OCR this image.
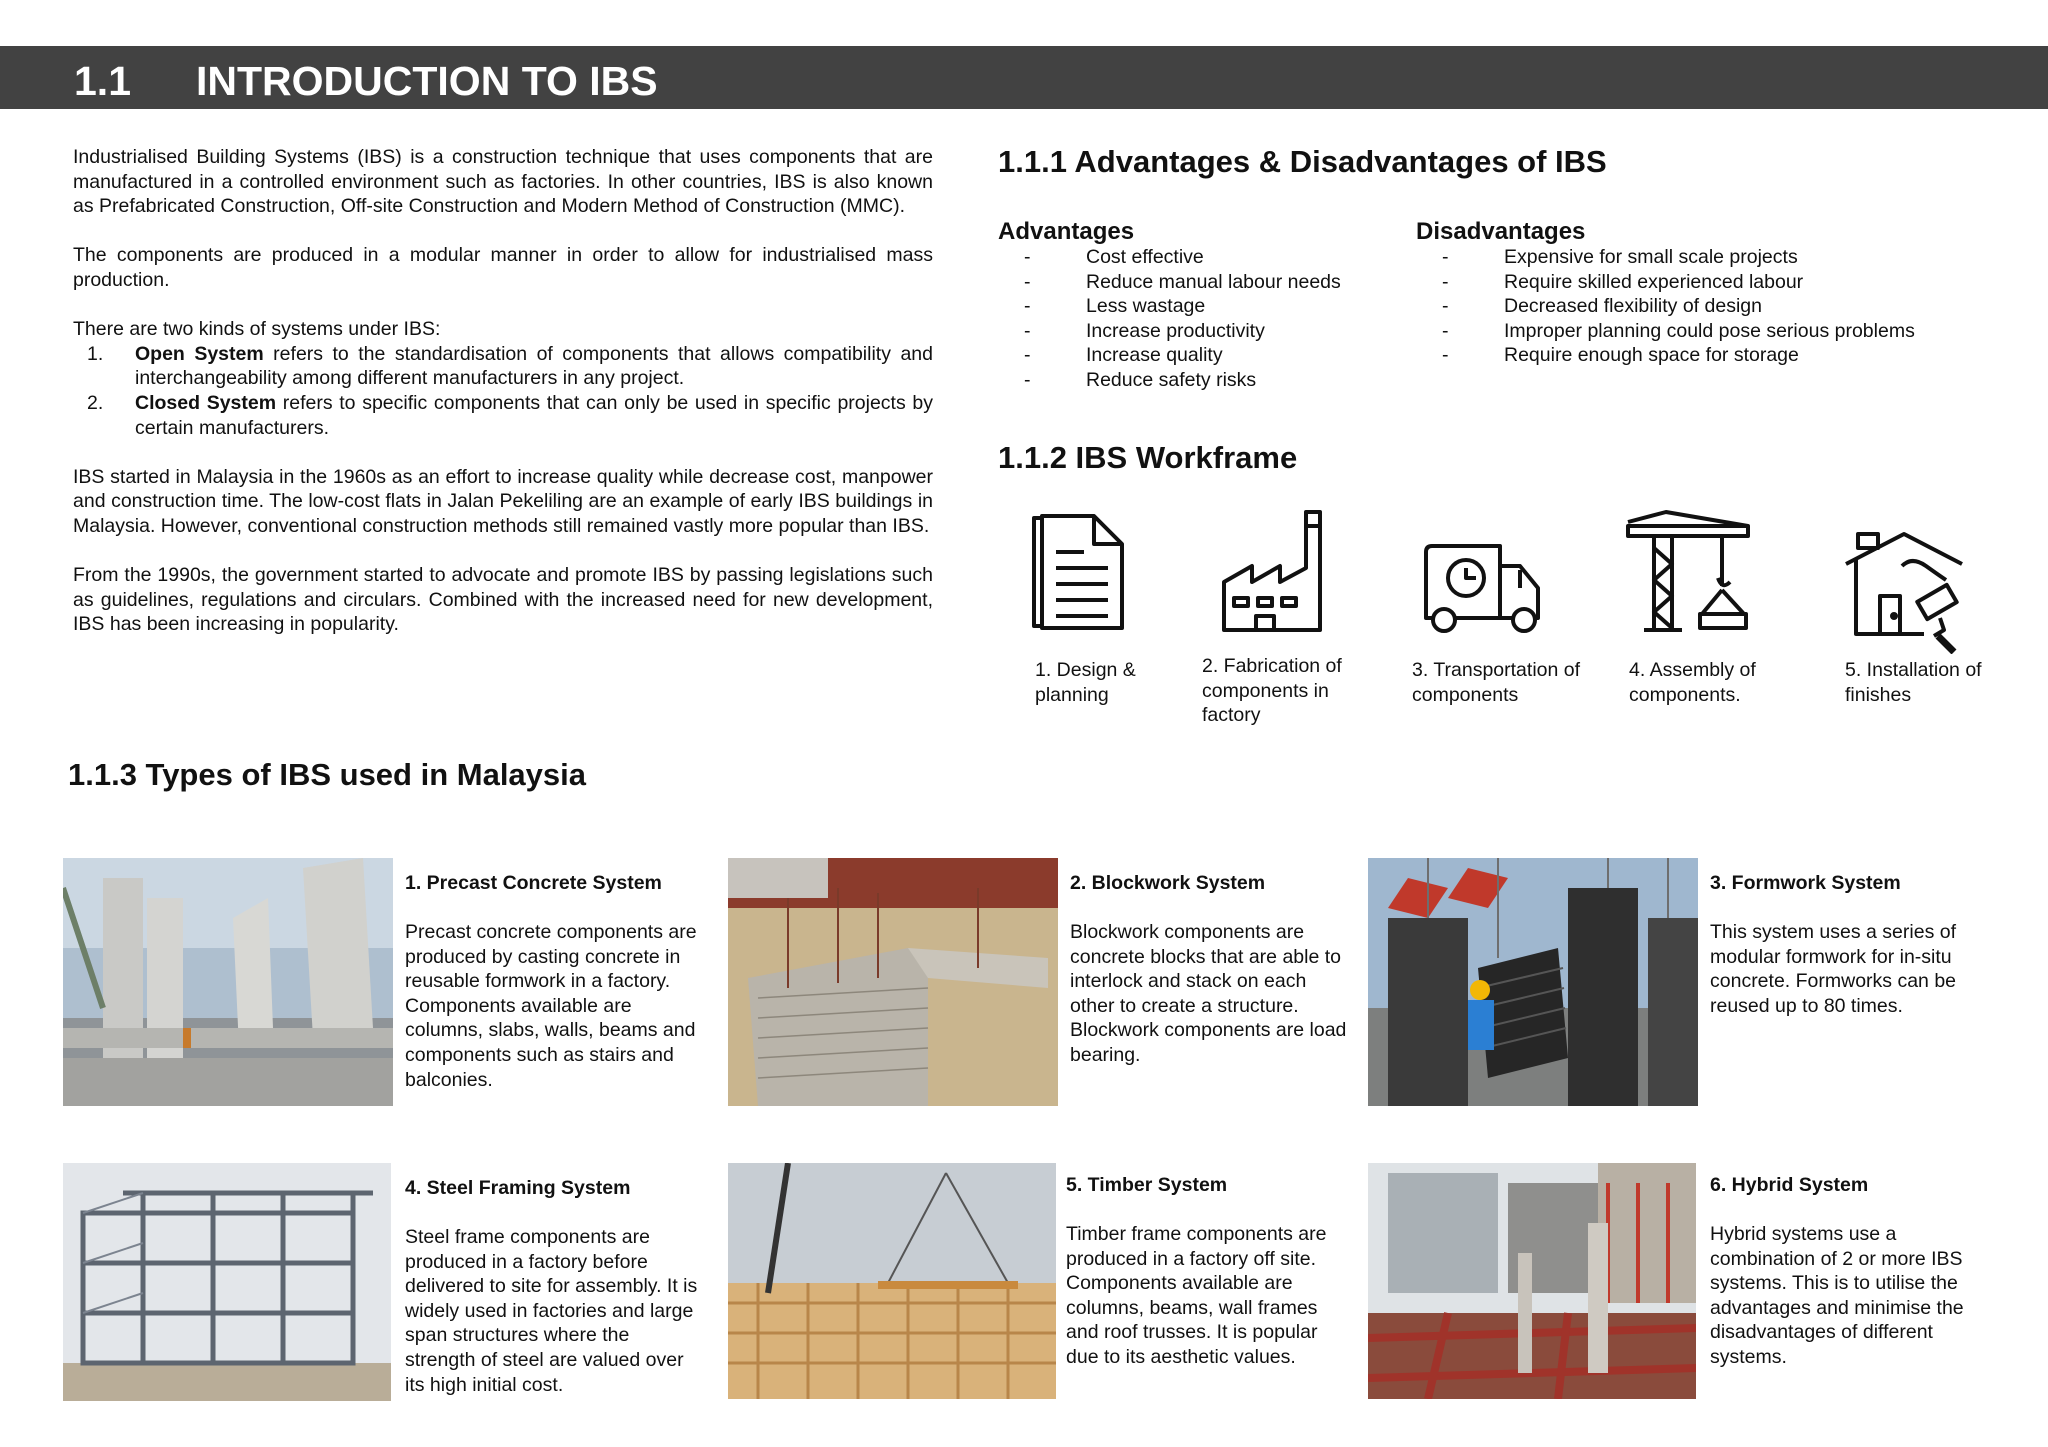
1.1 INTRODUCTION TO IBS

Industrialised Building Systems (IBS) is a construction technique that uses components that are manufactured in a controlled environment such as factories. In other countries, IBS is also known as Prefabricated Construction, Off-site Construction and Modern Method of Construction (MMC).

The components are produced in a modular manner in order to allow for industrialised mass production.

There are two kinds of systems under IBS:

1. Open System refers to the standardisation of components that allows compatibility and interchangeability among different manufacturers in any project.
2. Closed System refers to specific components that can only be used in specific projects by certain manufacturers.

IBS started in Malaysia in the 1960s as an effort to increase quality while decrease cost, manpower and construction time. The low-cost flats in Jalan Pekeliling are an example of early IBS buildings in Malaysia. However, conventional construction methods still remained vastly more popular than IBS.

From the 1990s, the government started to advocate and promote IBS by passing legislations such as guidelines, regulations and circulars. Combined with the increased need for new development, IBS has been increasing in popularity.

1.1.1 Advantages & Disadvantages of IBS
Advantages
-	Cost effective
-	Reduce manual labour needs
-	Less wastage
-	Increase productivity
-	Increase quality
-	Reduce safety risks
Disadvantages
-	Expensive for small scale projects
-	Require skilled experienced labour
-	Decreased flexibility of design
-	Improper planning could pose serious problems
-	Require enough space for storage
1.1.2 IBS Workframe
1. Design & planning
2. Fabrication of components in factory
3. Transportation of components
4. Assembly of components.
5. Installation of finishes
1.1.3 Types of IBS used in Malaysia
1. Precast Concrete System
Precast concrete components are produced by casting concrete in reusable formwork in a factory. Components available are columns, slabs, walls, beams and components such as stairs and balconies.
2. Blockwork System
Blockwork components are concrete blocks that are able to interlock and stack on each other to create a structure. Blockwork components are load bearing.
3. Formwork System
This system uses a series of modular formwork for in-situ concrete. Formworks can be reused up to 80 times.
4. Steel Framing System
Steel frame components are produced in a factory before delivered to site for assembly. It is widely used in factories and large span structures where the strength of steel are valued over its high initial cost.
5. Timber System
Timber frame components are produced in a factory off site. Components available are columns, beams, wall frames and roof trusses. It is popular due to its aesthetic values.
6. Hybrid System
Hybrid systems use a combination of 2 or more IBS systems. This is to utilise the advantages and minimise the disadvantages of different systems.
